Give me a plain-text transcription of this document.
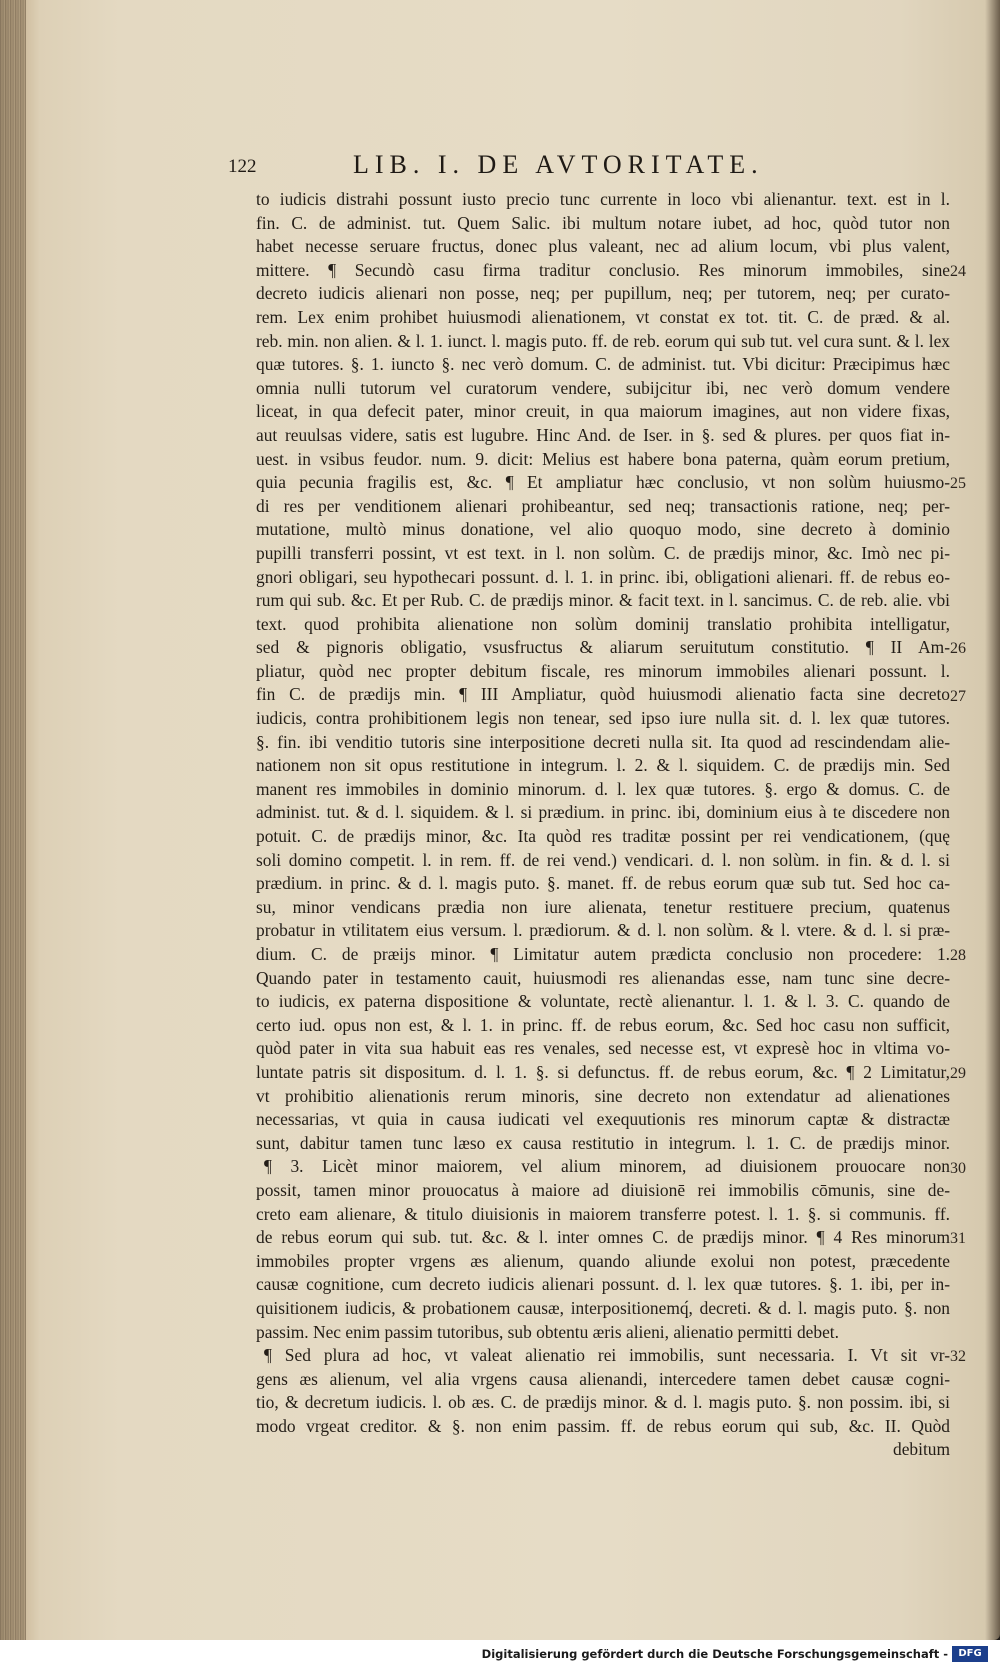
122	LIB. I. DE AVTORITATE.
to iudicis distrahi possunt iusto precio tunc currente in loco vbi alienantur. text. est in l.
fin. C. de administ. tut. Quem Salic. ibi multum notare iubet, ad hoc, quòd tutor non
habet necesse seruare fructus, donec plus valeant, nec ad alium locum, vbi plus valent,
mittere. ¶ Secundò casu firma traditur conclusio. Res minorum immobiles, sine
decreto iudicis alienari non posse, neq; per pupillum, neq; per tutorem, neq; per curato-
rem. Lex enim prohibet huiusmodi alienationem, vt constat ex tot. tit. C. de præd. & al.
reb. min. non alien. & l. 1. iunct. l. magis puto. ff. de reb. eorum qui sub tut. vel cura sunt. & l. lex
quæ tutores. §. 1. iuncto §. nec verò domum. C. de administ. tut. Vbi dicitur: Præcipimus hæc
omnia nulli tutorum vel curatorum vendere, subijcitur ibi, nec verò domum vendere
liceat, in qua defecit pater, minor creuit, in qua maiorum imagines, aut non videre fixas,
aut reuulsas videre, satis est lugubre. Hinc And. de Iser. in §. sed & plures. per quos fiat in-
uest. in vsibus feudor. num. 9. dicit: Melius est habere bona paterna, quàm eorum pretium,
quia pecunia fragilis est, &c. ¶ Et ampliatur hæc conclusio, vt non solùm huiusmo-
di res per venditionem alienari prohibeantur, sed neq; transactionis ratione, neq; per-
mutatione, multò minus donatione, vel alio quoquo modo, sine decreto à dominio
pupilli transferri possint, vt est text. in l. non solùm. C. de prædijs minor, &c. Imò nec pi-
gnori obligari, seu hypothecari possunt. d. l. 1. in princ. ibi, obligationi alienari. ff. de rebus eo-
rum qui sub. &c. Et per Rub. C. de prædijs minor. & facit text. in l. sancimus. C. de reb. alie. vbi
text. quod prohibita alienatione non solùm dominij translatio prohibita intelligatur,
sed & pignoris obligatio, vsusfructus & aliarum seruitutum constitutio. ¶ II Am-
pliatur, quòd nec propter debitum fiscale, res minorum immobiles alienari possunt. l.
fin C. de prædijs min. ¶ III Ampliatur, quòd huiusmodi alienatio facta sine decreto
iudicis, contra prohibitionem legis non tenear, sed ipso iure nulla sit. d. l. lex quæ tutores.
§. fin. ibi venditio tutoris sine interpositione decreti nulla sit. Ita quod ad rescindendam alie-
nationem non sit opus restitutione in integrum. l. 2. & l. siquidem. C. de prædijs min. Sed
manent res immobiles in dominio minorum. d. l. lex quæ tutores. §. ergo & domus. C. de
administ. tut. & d. l. siquidem. & l. si prædium. in princ. ibi, dominium eius à te discedere non
potuit. C. de prædijs minor, &c. Ita quòd res traditæ possint per rei vendicationem, (quę
soli domino competit. l. in rem. ff. de rei vend.) vendicari. d. l. non solùm. in fin. & d. l. si
prædium. in princ. & d. l. magis puto. §. manet. ff. de rebus eorum quæ sub tut. Sed hoc ca-
su, minor vendicans prædia non iure alienata, tenetur restituere precium, quatenus
probatur in vtilitatem eius versum. l. prædiorum. & d. l. non solùm. & l. vtere. & d. l. si præ-
dium. C. de præijs minor. ¶ Limitatur autem prædicta conclusio non procedere: 1.
Quando pater in testamento cauit, huiusmodi res alienandas esse, nam tunc sine decre-
to iudicis, ex paterna dispositione & voluntate, rectè alienantur. l. 1. & l. 3. C. quando de
certo iud. opus non est, & l. 1. in princ. ff. de rebus eorum, &c. Sed hoc casu non sufficit,
quòd pater in vita sua habuit eas res venales, sed necesse est, vt expresè hoc in vltima vo-
luntate patris sit dispositum. d. l. 1. §. si defunctus. ff. de rebus eorum, &c. ¶ 2 Limitatur,
vt prohibitio alienationis rerum minoris, sine decreto non extendatur ad alienationes
necessarias, vt quia in causa iudicati vel exequutionis res minorum captæ & distractæ
sunt, dabitur tamen tunc læso ex causa restitutio in integrum. l. 1. C. de prædijs minor.
¶ 3. Licèt minor maiorem, vel alium minorem, ad diuisionem prouocare non
possit, tamen minor prouocatus à maiore ad diuisionē rei immobilis cōmunis, sine de-
creto eam alienare, & titulo diuisionis in maiorem transferre potest. l. 1. §. si communis. ff.
de rebus eorum qui sub. tut. &c. & l. inter omnes C. de prædijs minor. ¶ 4 Res minorum
immobiles propter vrgens æs alienum, quando aliunde exolui non potest, præcedente
causæ cognitione, cum decreto iudicis alienari possunt. d. l. lex quæ tutores. §. 1. ibi, per in-
quisitionem iudicis, & probationem causæ, interpositionemq́, decreti. & d. l. magis puto. §. non
passim. Nec enim passim tutoribus, sub obtentu æris alieni, alienatio permitti debet.
¶ Sed plura ad hoc, vt valeat alienatio rei immobilis, sunt necessaria. I. Vt sit vr-
gens æs alienum, vel alia vrgens causa alienandi, intercedere tamen debet causæ cogni-
tio, & decretum iudicis. l. ob æs. C. de prædijs minor. & d. l. magis puto. §. non possim. ibi, si
modo vrgeat creditor. & §. non enim passim. ff. de rebus eorum qui sub, &c. II. Quòd
debitum
24
25
26
27
28
29
30
31
32
Digitalisierung gefördert durch die Deutsche Forschungsgemeinschaft -	DFG
